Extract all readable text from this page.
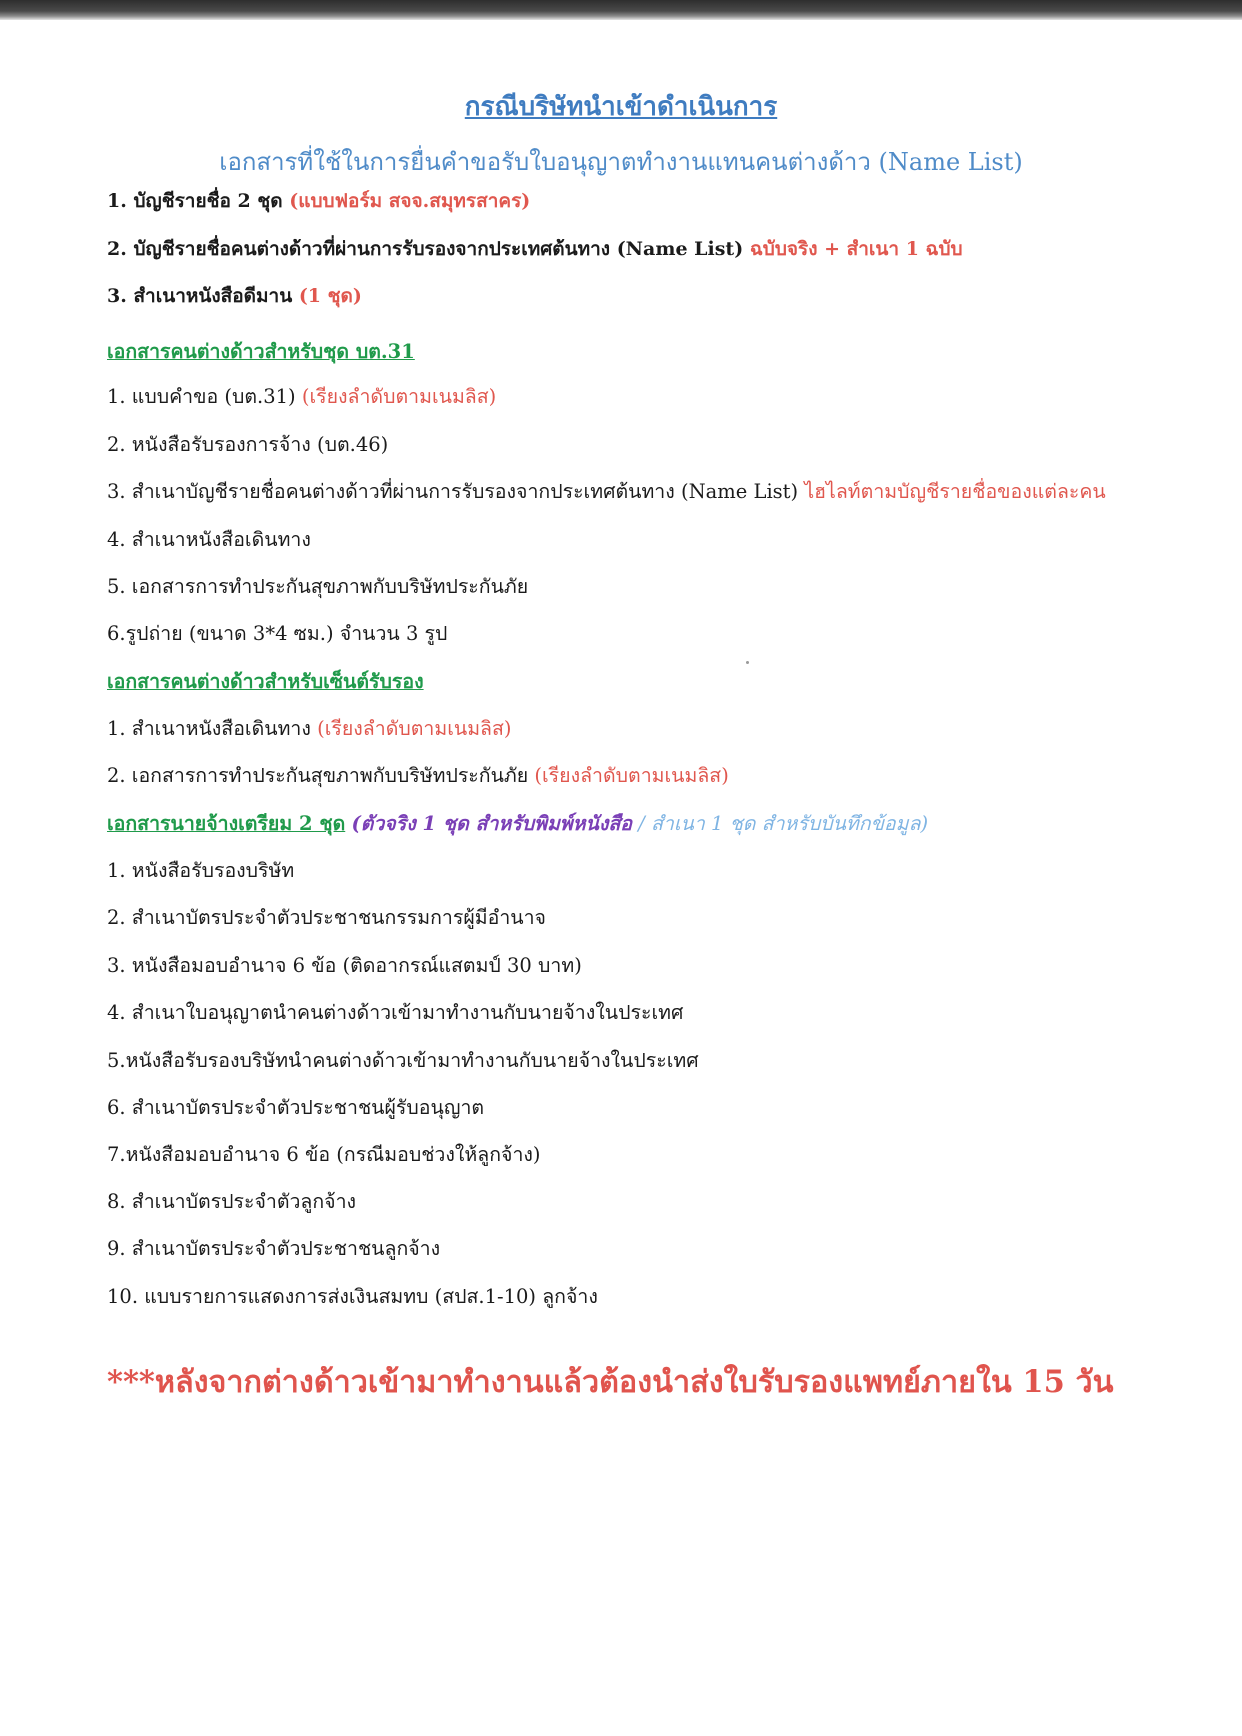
กรณีบริษัทนำเข้าดำเนินการ
เอกสารที่ใช้ในการยื่นคำขอรับใบอนุญาตทำงานแทนคนต่างด้าว (Name List)
1. บัญชีรายชื่อ 2 ชุด (แบบฟอร์ม สจจ.สมุทรสาคร)
2. บัญชีรายชื่อคนต่างด้าวที่ผ่านการรับรองจากประเทศต้นทาง (Name List) ฉบับจริง + สำเนา 1 ฉบับ
3. สำเนาหนังสือดีมาน (1 ชุด)
เอกสารคนต่างด้าวสำหรับชุด บต.31
1. แบบคำขอ (บต.31) (เรียงลำดับตามเนมลิส)
2. หนังสือรับรองการจ้าง (บต.46)
3. สำเนาบัญชีรายชื่อคนต่างด้าวที่ผ่านการรับรองจากประเทศต้นทาง (Name List) ไฮไลท์ตามบัญชีรายชื่อของแต่ละคน
4. สำเนาหนังสือเดินทาง
5. เอกสารการทำประกันสุขภาพกับบริษัทประกันภัย
6.รูปถ่าย (ขนาด 3*4 ซม.) จำนวน 3 รูป
เอกสารคนต่างด้าวสำหรับเซ็นต์รับรอง
1. สำเนาหนังสือเดินทาง (เรียงลำดับตามเนมลิส)
2. เอกสารการทำประกันสุขภาพกับบริษัทประกันภัย (เรียงลำดับตามเนมลิส)
เอกสารนายจ้างเตรียม 2 ชุด (ตัวจริง 1 ชุด สำหรับพิมพ์หนังสือ / สำเนา 1 ชุด สำหรับบันทึกข้อมูล)
1. หนังสือรับรองบริษัท
2. สำเนาบัตรประจำตัวประชาชนกรรมการผู้มีอำนาจ
3. หนังสือมอบอำนาจ 6 ข้อ (ติดอากรณ์แสตมป์ 30 บาท)
4. สำเนาใบอนุญาตนำคนต่างด้าวเข้ามาทำงานกับนายจ้างในประเทศ
5.หนังสือรับรองบริษัทนำคนต่างด้าวเข้ามาทำงานกับนายจ้างในประเทศ
6. สำเนาบัตรประจำตัวประชาชนผู้รับอนุญาต
7.หนังสือมอบอำนาจ 6 ข้อ (กรณีมอบช่วงให้ลูกจ้าง)
8. สำเนาบัตรประจำตัวลูกจ้าง
9. สำเนาบัตรประจำตัวประชาชนลูกจ้าง
10. แบบรายการแสดงการส่งเงินสมทบ (สปส.1-10) ลูกจ้าง
***หลังจากต่างด้าวเข้ามาทำงานแล้วต้องนำส่งใบรับรองแพทย์ภายใน 15 วัน
